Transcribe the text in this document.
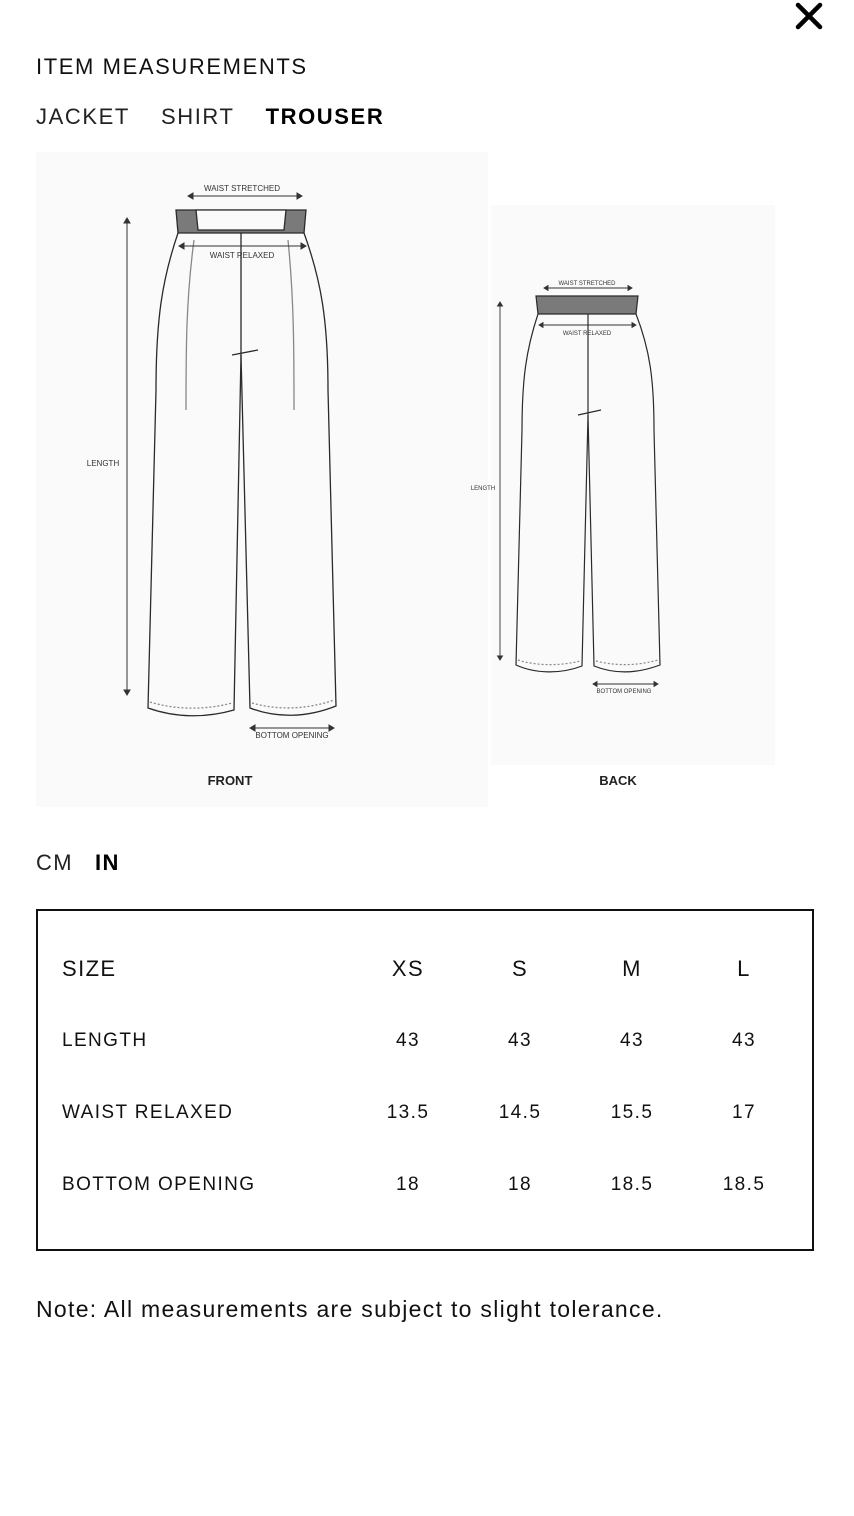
ITEM MEASUREMENTS
JACKET SHIRT TROUSER
WAIST STRETCHED
WAIST RELAXED
LENGTH
BOTTOM OPENING
FRONT
WAIST STRETCHED
WAIST RELAXED
LENGTH
BOTTOM OPENING
BACK
CM IN
SIZE	XS	S	M	L
LENGTH	43	43	43	43
WAIST RELAXED	13.5	14.5	15.5	17
BOTTOM OPENING	18	18	18.5	18.5
Note: All measurements are subject to slight tolerance.
